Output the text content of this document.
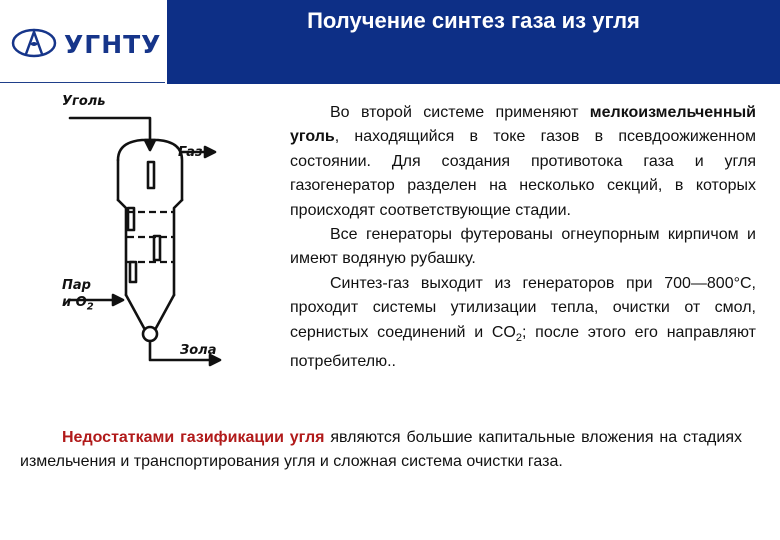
УГНТУ
Получение синтез газа из угля
Уголь
Газ
Пар
и $O_2$
Зола

Во второй системе применяют мелкоизмельченный уголь, находящийся в токе газов в псевдоожиженном состоянии. Для создания противотока газа и угля газогенератор разделен на несколько секций, в которых происходят соответствующие стадии.

Все генераторы футерованы огнеупорным кирпичом и имеют водяную рубашку.

Синтез-газ выходит из генераторов при 700—800°С, проходит системы утилизации тепла, очистки от смол, сернистых соединений и $CO_2$; после этого его направляют потребителю..

Недостатками газификации угля являются большие капитальные вложения на стадиях измельчения и транспортирования угля и сложная система очистки газа.
